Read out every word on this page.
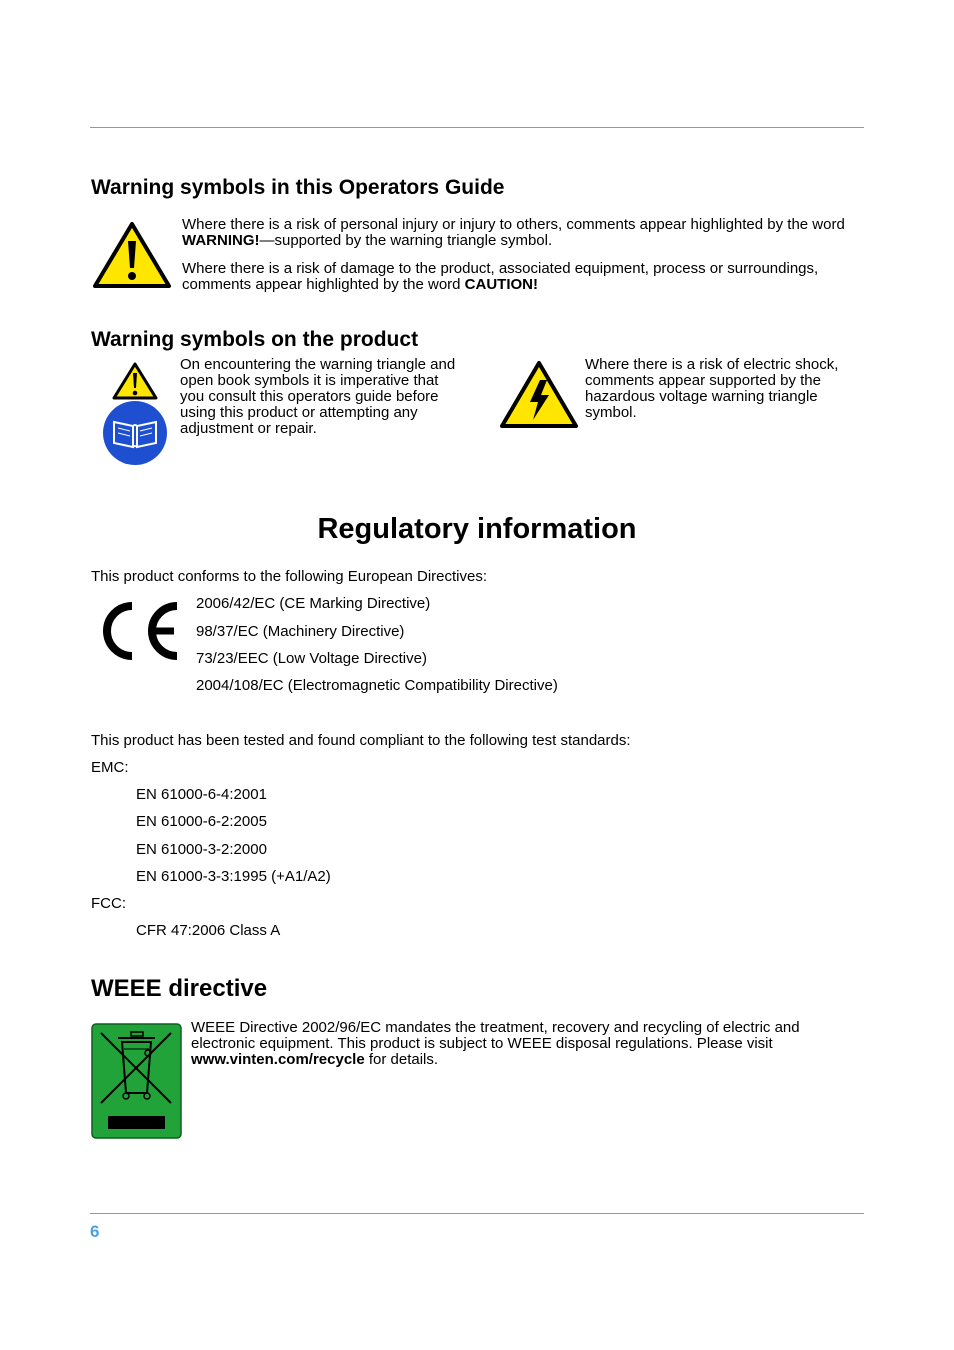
Warning symbols in this Operators Guide

Where there is a risk of personal injury or injury to others, comments appear highlighted by the word WARNING!—supported by the warning triangle symbol.

Where there is a risk of damage to the product, associated equipment, process or surroundings, comments appear highlighted by the word CAUTION!

Warning symbols on the product
On encountering the warning triangle and open book symbols it is imperative that you consult this operators guide before using this product or attempting any adjustment or repair.
Where there is a risk of electric shock, comments appear supported by the hazardous voltage warning triangle symbol.
Regulatory information
This product conforms to the following European Directives:
2006/42/EC (CE Marking Directive)
98/37/EC (Machinery Directive)
73/23/EEC (Low Voltage Directive)
2004/108/EC (Electromagnetic Compatibility Directive)
This product has been tested and found compliant to the following test standards:
EMC:
EN 61000-6-4:2001
EN 61000-6-2:2005
EN 61000-3-2:2000
EN 61000-3-3:1995 (+A1/A2)
FCC:
CFR 47:2006 Class A
WEEE directive
WEEE Directive 2002/96/EC mandates the treatment, recovery and recycling of electric and electronic equipment. This product is subject to WEEE disposal regulations. Please visit www.vinten.com/recycle for details.
6
